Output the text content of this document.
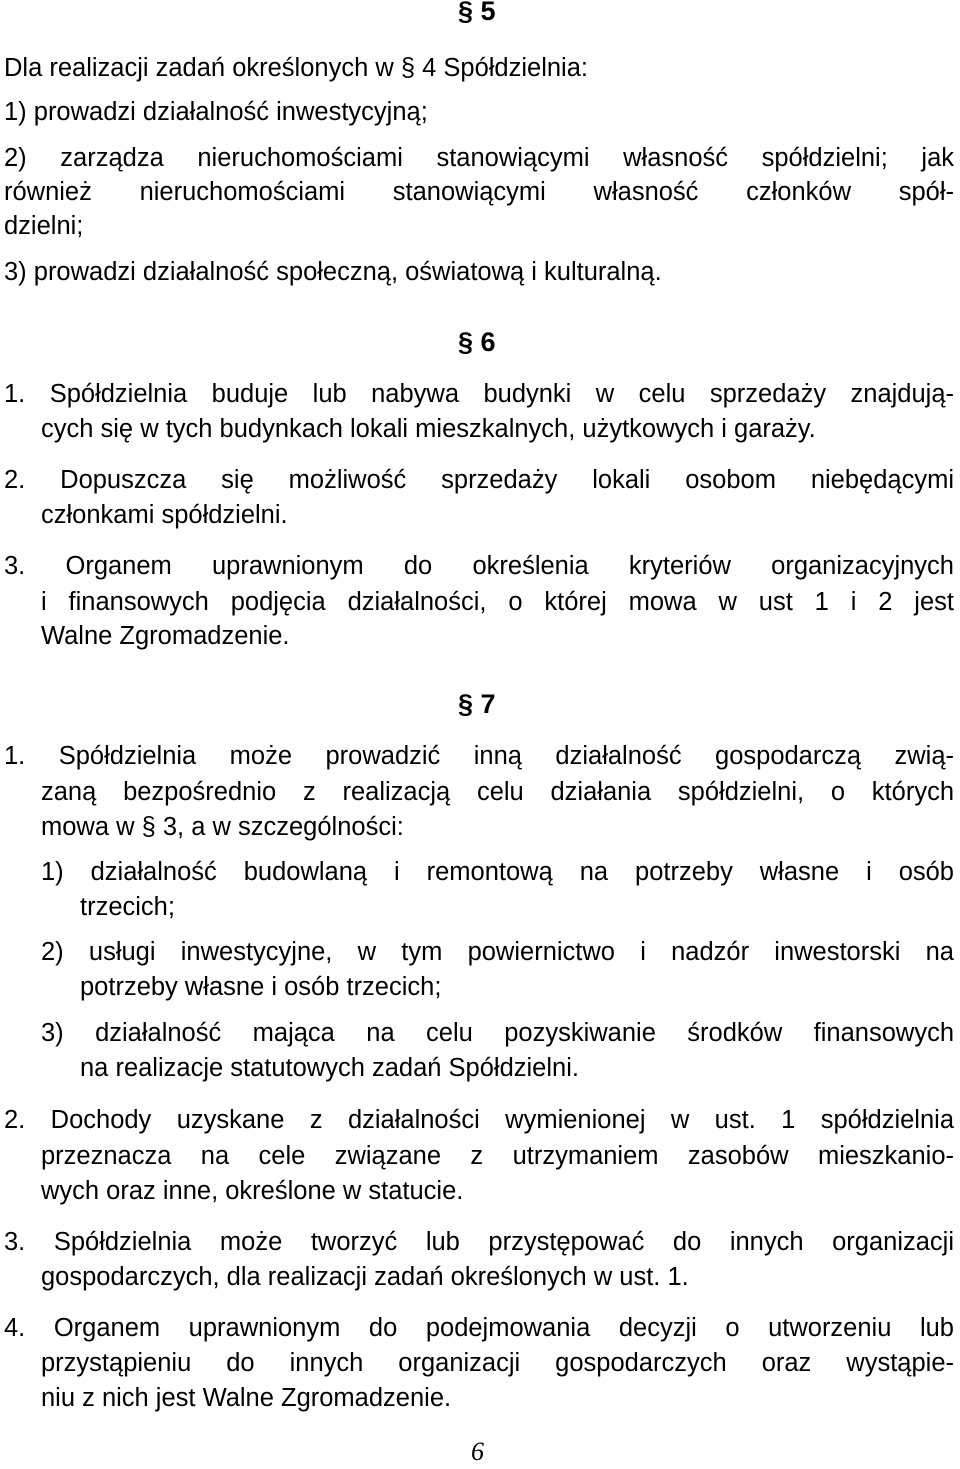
§ 5
Dla realizacji zadań określonych w § 4 Spółdzielnia:
1) prowadzi działalność inwestycyjną;
2) zarządza nieruchomościami stanowiącymi własność spółdzielni; jak
również nieruchomościami stanowiącymi własność członków spół-
dzielni;
3) prowadzi działalność społeczną, oświatową i kulturalną.
§ 6
1. Spółdzielnia buduje lub nabywa budynki w celu sprzedaży znajdują-
cych się w tych budynkach lokali mieszkalnych, użytkowych i garaży.
2. Dopuszcza się możliwość sprzedaży lokali osobom niebędącymi
członkami spółdzielni.
3. Organem uprawnionym do określenia kryteriów organizacyjnych
i finansowych podjęcia działalności, o której mowa w ust 1 i 2 jest
Walne Zgromadzenie.
§ 7
1. Spółdzielnia może prowadzić inną działalność gospodarczą zwią-
zaną bezpośrednio z realizacją celu działania spółdzielni, o których
mowa w § 3, a w szczególności:
1) działalność budowlaną i remontową na potrzeby własne i osób
trzecich;
2) usługi inwestycyjne, w tym powiernictwo i nadzór inwestorski na
potrzeby własne i osób trzecich;
3) działalność mająca na celu pozyskiwanie środków finansowych
na realizacje statutowych zadań Spółdzielni.
2. Dochody uzyskane z działalności wymienionej w ust. 1 spółdzielnia
przeznacza na cele związane z utrzymaniem zasobów mieszkanio-
wych oraz inne, określone w statucie.
3. Spółdzielnia może tworzyć lub przystępować do innych organizacji
gospodarczych, dla realizacji zadań określonych w ust. 1.
4. Organem uprawnionym do podejmowania decyzji o utworzeniu lub
przystąpieniu do innych organizacji gospodarczych oraz wystąpie-
niu z nich jest Walne Zgromadzenie.
6
